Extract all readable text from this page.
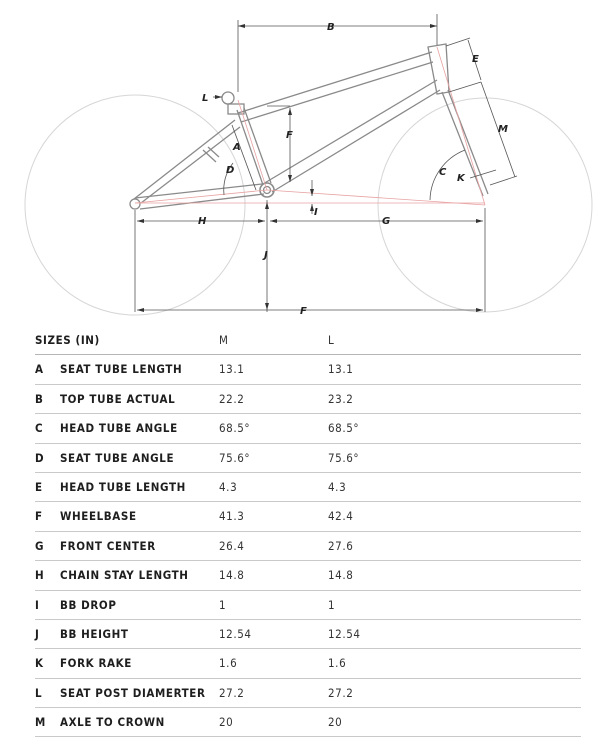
A
B
C
D
E
F
F
G
H
I
J
K
L
M
SIZES (IN)	M	L
A SEAT TUBE LENGTH	13.1	13.1
B TOP TUBE ACTUAL	22.2	23.2
C HEAD TUBE ANGLE	68.5°	68.5°
D SEAT TUBE ANGLE	75.6°	75.6°
E HEAD TUBE LENGTH	4.3	4.3
F WHEELBASE	41.3	42.4
G FRONT CENTER	26.4	27.6
H CHAIN STAY LENGTH	14.8	14.8
I BB DROP	1	1
J BB HEIGHT	12.54	12.54
K FORK RAKE	1.6	1.6
L SEAT POST DIAMERTER 27.2	27.2
M AXLE TO CROWN	20	20
